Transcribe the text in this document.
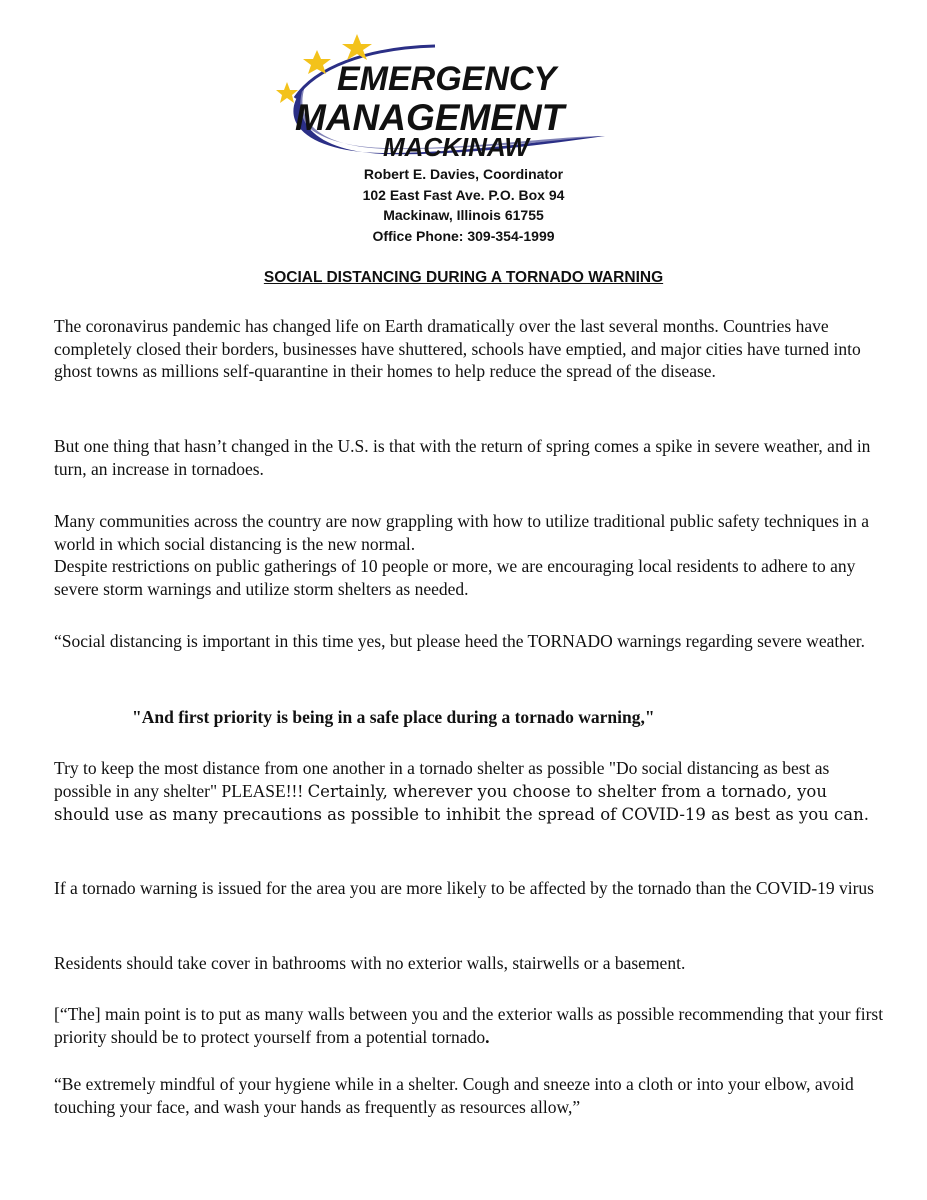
EMERGENCY
MANAGEMENT
MACKINAW
Robert E. Davies, Coordinator
102 East Fast Ave. P.O. Box 94
Mackinaw, Illinois 61755
Office Phone: 309-354-1999
SOCIAL DISTANCING DURING A TORNADO WARNING

The coronavirus pandemic has changed life on Earth dramatically over the last several months. Countries have completely closed their borders, businesses have shuttered, schools have emptied, and major cities have turned into ghost towns as millions self-quarantine in their homes to help reduce the spread of the disease.

But one thing that hasn’t changed in the U.S. is that with the return of spring comes a spike in severe weather, and in turn, an increase in tornadoes.

Many communities across the country are now grappling with how to utilize traditional public safety techniques in a world in which social distancing is the new normal.

Despite restrictions on public gatherings of 10 people or more, we are encouraging local residents to adhere to any severe storm warnings and utilize storm shelters as needed.

“Social distancing is important in this time yes, but please heed the TORNADO warnings regarding severe weather.

"And first priority is being in a safe place during a tornado warning,"

Try to keep the most distance from one another in a tornado shelter as possible "Do social distancing as best as possible in any shelter" PLEASE!!! Certainly, wherever you choose to shelter from a tornado, you should use as many precautions as possible to inhibit the spread of COVID-19 as best as you can.

If a tornado warning is issued for the area you are more likely to be affected by the tornado than the COVID-19 virus

Residents should take cover in bathrooms with no exterior walls, stairwells or a basement.

[“The] main point is to put as many walls between you and the exterior walls as possible recommending that your first priority should be to protect yourself from a potential tornado.

“Be extremely mindful of your hygiene while in a shelter. Cough and sneeze into a cloth or into your elbow, avoid touching your face, and wash your hands as frequently as resources allow,”
